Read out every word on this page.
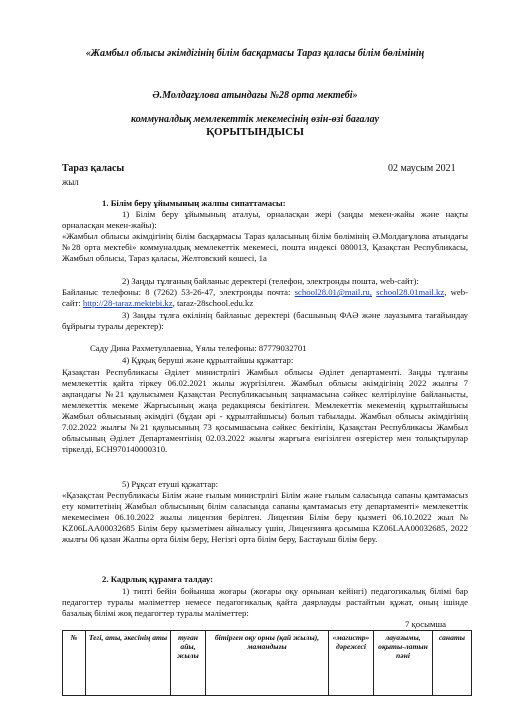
«Жамбыл облысы әкімдігінің білім басқармасы Тараз қаласы білім бөлімінің
Ә.Молдағұлова атындағы №28 орта мектебі»
коммуналдық мемлекеттік мекемесінің өзін-өзі бағалау
ҚОРЫТЫНДЫСЫ
Тараз қаласы	02 маусым 2021
жыл
1. Білім беру ұйымының жалпы сипаттамасы:
1) Білім беру ұйымының аталуы, орналасқан жері (заңды мекен-жайы және нақты орналасқан мекен-жайы):
«Жамбыл облысы әкімдігінің білім басқармасы Тараз қаласының білім бөлімінің Ә.Молдағұлова атындағы №28 орта мектебі» коммуналдық мемлекеттік мекемесі, пошта индексі 080013, Қазақстан Республикасы, Жамбыл облысы, Тараз қаласы, Желтовский көшесі, 1а
2) Заңды тұлғаның байланыс деректері (телефон, электронды пошта, web-сайт):
Байланыс телефоны: 8 (7262) 53-26-47, электронды почта: school28.01@mail.ru, school28.01mail.kz, web-сайт: http://28-taraz.mektebi.kz, taraz-28school.edu.kz
3) Заңды тұлға өкілінің байланыс деректері (басшының ФАӘ және лауазымға тағайындау бұйрығы туралы деректер):
Саду Дина Рахметуллаевна, Ұялы телефоны: 87779032701
4) Құқық беруші және құрылтайшы құжаттар:
Қазақстан Республикасы Әділет министрлігі Жамбыл облысы Әділет департаменті. Заңды тұлғаны мемлекеттік қайта тіркеу 06.02.2021 жылы жүргізілген. Жамбыл облысы әкімдігінің 2022 жылғы 7 ақпандағы №21 қаулысымен Қазақстан Республикасының заңнамасына сәйкес келтірілуіне байланысты, мемлекеттік мекеме Жарғысының жаңа редакциясы бекітілген. Мемлекеттік мекеменің құрылтайшысы Жамбыл облысының әкімдігі (бұдан әрі - құрылтайшысы) болып табылады. Жамбыл облысы әкімдігінің 7.02.2022 жылғы №21 қаулысының 73 қосымшасына сәйкес бекітілін, Қазақстан Республикасы Жамбыл облысының Әділет Департаментінің 02.03.2022 жылғы жарғыға енгізілген өзгерістер мен толықтырулар тіркелді, БСН970140000310.
5) Рұқсат етуші құжаттар:
«Қазақстан Республикасы Білім және ғылым министрлігі Білім және ғылым саласында сапаны қамтамасыз ету комитетінің Жамбыл облысының білім саласында сапаны қамтамасыз ету департаменті» мемлекеттік мекемесімен 06.10.2022 жылы лицензия берілген. Лицензия Білім беру қызметі 06.10.2022 жыл № KZ06LAA00032685 Білім беру қызметімен айналысу үшін, Лицензияға қосымша KZ06LAA00032685, 2022 жылғы 06 қазан Жалпы орта білім беру, Негізгі орта білім беру, Бастауыш білім беру.
2. Кадрлық құрамға талдау:
1) типті бейін бойынша жоғары (жоғары оқу орнынан кейінгі) педагогикалық білімі бар педагогтер туралы мәліметтер немесе педагогикалық қайта даярлауды растайтын құжат, оның ішінде базалық білімі жоқ педагогтер туралы мәліметтер:
7 қосымша
№	Тегі, аты, әкесінің аты	туған айы, жылы	бітірген оқу орны (қай жылы), мамандығы	«магистр» дәрежесі	лауазымы, оқыты-латын пәні	санаты
